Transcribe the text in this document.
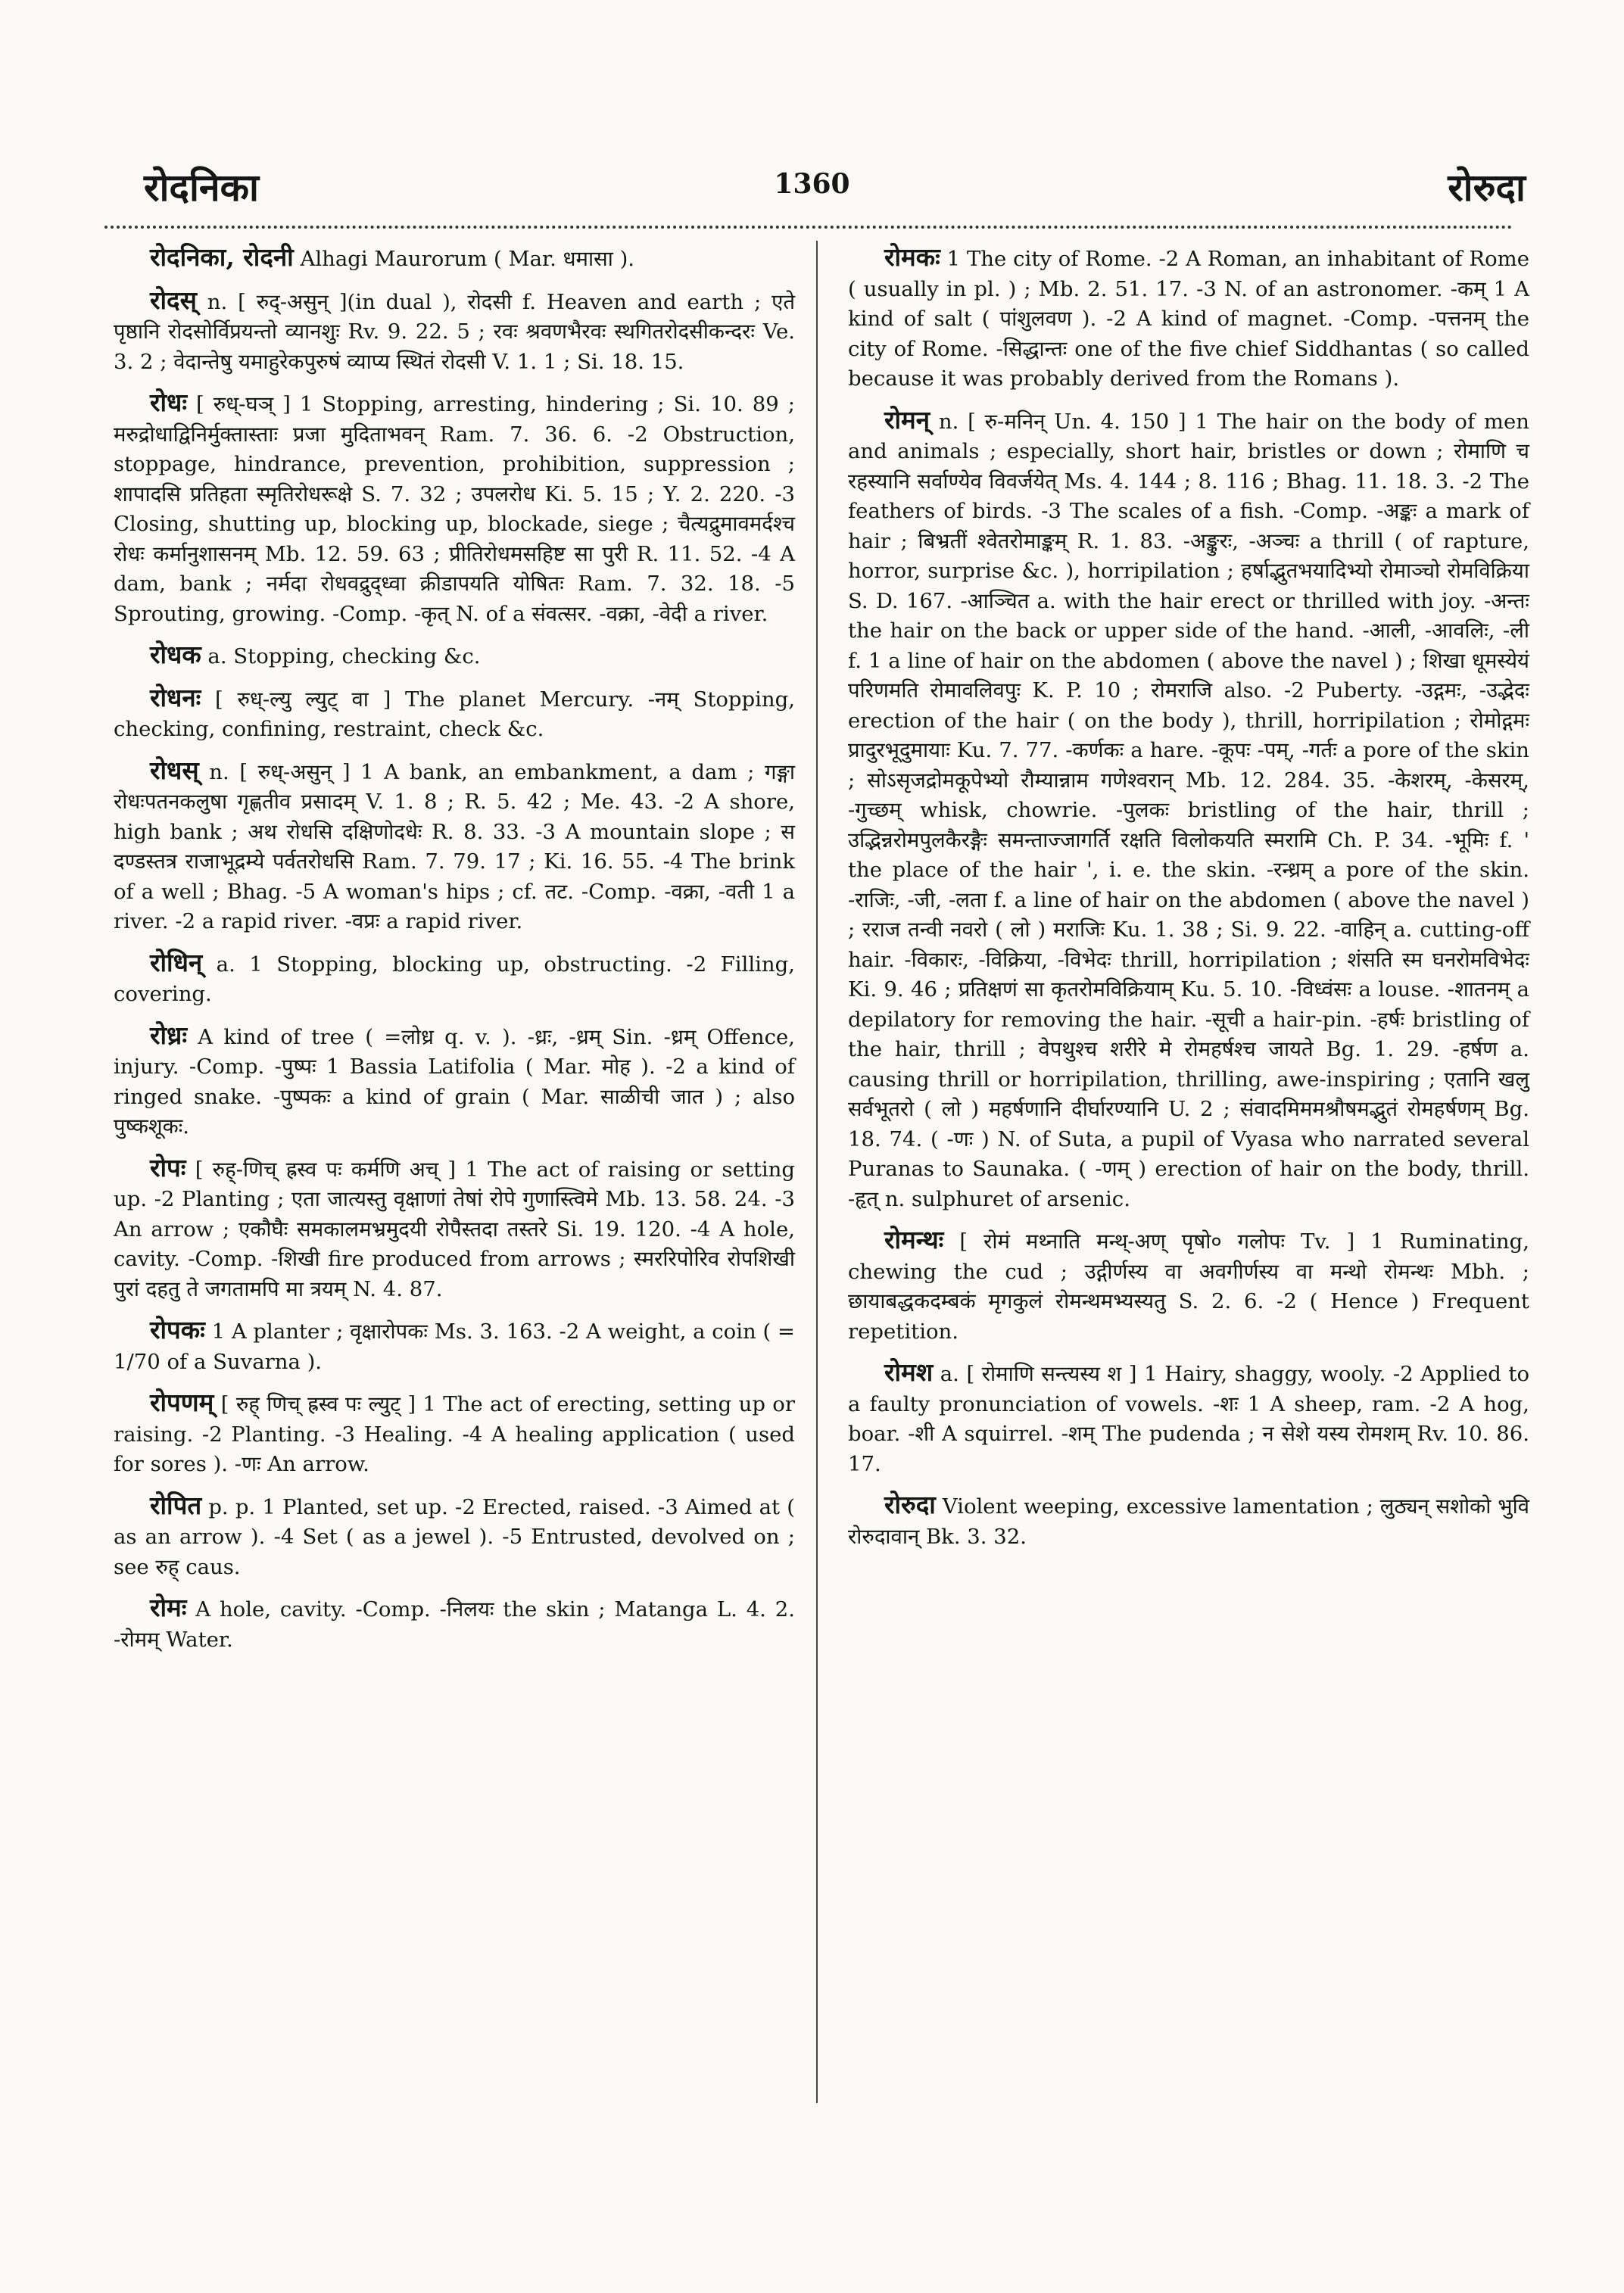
रोदनिका	1360	रोरुदा

रोदनिका, रोदनी Alhagi Maurorum ( Mar. धमासा ).

रोदस् n. [ रुद्-असुन् ](in dual ), रोदसी f. Heaven and earth ; एते पृष्ठानि रोदसोर्विप्रयन्तो व्यानशुः Rv. 9. 22. 5 ; रवः श्रवणभैरवः स्थगितरोदसीकन्दरः Ve. 3. 2 ; वेदान्तेषु यमाहुरेकपुरुषं व्याप्य स्थितं रोदसी V. 1. 1 ; Si. 18. 15.

रोधः [ रुध्-घञ् ] 1 Stopping, arresting, hindering ; Si. 10. 89 ; मरुद्रोधाद्विनिर्मुक्तास्ताः प्रजा मुदिताभवन् Ram. 7. 36. 6. -2 Obstruction, stoppage, hindrance, prevention, prohibition, suppression ; शापादसि प्रतिहता स्मृतिरोधरूक्षे S. 7. 32 ; उपलरोध Ki. 5. 15 ; Y. 2. 220. -3 Closing, shutting up, blocking up, blockade, siege ; चैत्यद्रुमावमर्दश्च रोधः कर्मानुशासनम् Mb. 12. 59. 63 ; प्रीतिरोधमसहिष्ट सा पुरी R. 11. 52. -4 A dam, bank ; नर्मदा रोधवद्रुद्ध्वा क्रीडापयति योषितः Ram. 7. 32. 18. -5 Sprouting, growing. -Comp. -कृत् N. of a संवत्सर. -वक्रा, -वेदी a river.

रोधक a. Stopping, checking &c.

रोधनः [ रुध्-ल्यु ल्युट् वा ] The planet Mercury. -नम् Stopping, checking, confining, restraint, check &c.

रोधस् n. [ रुध्-असुन् ] 1 A bank, an embankment, a dam ; गङ्गा रोधःपतनकलुषा गृह्णतीव प्रसादम् V. 1. 8 ; R. 5. 42 ; Me. 43. -2 A shore, high bank ; अथ रोधसि दक्षिणोदधेः R. 8. 33. -3 A mountain slope ; स दण्डस्तत्र राजाभूद्रम्ये पर्वतरोधसि Ram. 7. 79. 17 ; Ki. 16. 55. -4 The brink of a well ; Bhag. -5 A woman's hips ; cf. तट. -Comp. -वक्रा, -वती 1 a river. -2 a rapid river. -वप्रः a rapid river.

रोधिन् a. 1 Stopping, blocking up, obstructing. -2 Filling, covering.

रोध्रः A kind of tree ( =लोध्र q. v. ). -ध्रः, -ध्रम् Sin. -ध्रम् Offence, injury. -Comp. -पुष्पः 1 Bassia Latifolia ( Mar. मोह ). -2 a kind of ringed snake. -पुष्पकः a kind of grain ( Mar. साळीची जात ) ; also पुष्कशूकः.

रोपः [ रुह्-णिच् ह्रस्व पः कर्मणि अच् ] 1 The act of raising or setting up. -2 Planting ; एता जात्यस्तु वृक्षाणां तेषां रोपे गुणास्त्विमे Mb. 13. 58. 24. -3 An arrow ; एकौघैः समकालमभ्रमुदयी रोपैस्तदा तस्तरे Si. 19. 120. -4 A hole, cavity. -Comp. -शिखी fire produced from arrows ; स्मररिपोरिव रोपशिखी पुरां दहतु ते जगतामपि मा त्रयम् N. 4. 87.

रोपकः 1 A planter ; वृक्षारोपकः Ms. 3. 163. -2 A weight, a coin ( = 1/70 of a Suvarna ).

रोपणम् [ रुह् णिच् ह्रस्व पः ल्युट् ] 1 The act of erecting, setting up or raising. -2 Planting. -3 Healing. -4 A healing application ( used for sores ). -णः An arrow.

रोपित p. p. 1 Planted, set up. -2 Erected, raised. -3 Aimed at ( as an arrow ). -4 Set ( as a jewel ). -5 Entrusted, devolved on ; see रुह् caus.

रोमः A hole, cavity. -Comp. -निलयः the skin ; Matanga L. 4. 2. -रोमम् Water.

रोमकः 1 The city of Rome. -2 A Roman, an inhabitant of Rome ( usually in pl. ) ; Mb. 2. 51. 17. -3 N. of an astronomer. -कम् 1 A kind of salt ( पांशुलवण ). -2 A kind of magnet. -Comp. -पत्तनम् the city of Rome. -सिद्धान्तः one of the five chief Siddhantas ( so called because it was probably derived from the Romans ).

रोमन् n. [ रु-मनिन् Un. 4. 150 ] 1 The hair on the body of men and animals ; especially, short hair, bristles or down ; रोमाणि च रहस्यानि सर्वाण्येव विवर्जयेत् Ms. 4. 144 ; 8. 116 ; Bhag. 11. 18. 3. -2 The feathers of birds. -3 The scales of a fish. -Comp. -अङ्कः a mark of hair ; बिभ्रतीं श्वेतरोमाङ्कम् R. 1. 83. -अङ्कुरः, -अञ्चः a thrill ( of rapture, horror, surprise &c. ), horripilation ; हर्षाद्भुतभयादिभ्यो रोमाञ्चो रोमविक्रिया S. D. 167. -आञ्चित a. with the hair erect or thrilled with joy. -अन्तः the hair on the back or upper side of the hand. -आली, -आवलिः, -ली f. 1 a line of hair on the abdomen ( above the navel ) ; शिखा धूमस्येयं परिणमति रोमावलिवपुः K. P. 10 ; रोमराजि also. -2 Puberty. -उद्गमः, -उद्भेदः erection of the hair ( on the body ), thrill, horripilation ; रोमोद्गमः प्रादुरभूदुमायाः Ku. 7. 77. -कर्णकः a hare. -कूपः -पम्, -गर्तः a pore of the skin ; सोऽसृजद्रोमकूपेभ्यो रौम्यान्नाम गणेश्वरान् Mb. 12. 284. 35. -केशरम्, -केसरम्, -गुच्छम् whisk, chowrie. -पुलकः bristling of the hair, thrill ; उद्भिन्नरोमपुलकैरङ्गैः समन्ताज्जागर्ति रक्षति विलोकयति स्मरामि Ch. P. 34. -भूमिः f. ' the place of the hair ', i. e. the skin. -रन्ध्रम् a pore of the skin. -राजिः, -जी, -लता f. a line of hair on the abdomen ( above the navel ) ; रराज तन्वी नवरो ( लो ) मराजिः Ku. 1. 38 ; Si. 9. 22. -वाहिन् a. cutting-off hair. -विकारः, -विक्रिया, -विभेदः thrill, horripilation ; शंसति स्म घनरोमविभेदः Ki. 9. 46 ; प्रतिक्षणं सा कृतरोमविक्रियाम् Ku. 5. 10. -विध्वंसः a louse. -शातनम् a depilatory for removing the hair. -सूची a hair-pin. -हर्षः bristling of the hair, thrill ; वेपथुश्च शरीरे मे रोमहर्षश्च जायते Bg. 1. 29. -हर्षण a. causing thrill or horripilation, thrilling, awe-inspiring ; एतानि खलु सर्वभूतरो ( लो ) महर्षणानि दीर्घारण्यानि U. 2 ; संवादमिममश्रौषमद्भुतं रोमहर्षणम् Bg. 18. 74. ( -णः ) N. of Suta, a pupil of Vyasa who narrated several Puranas to Saunaka. ( -णम् ) erection of hair on the body, thrill. -हृत् n. sulphuret of arsenic.

रोमन्थः [ रोमं मथ्नाति मन्थ्-अण् पृषो० गलोपः Tv. ] 1 Ruminating, chewing the cud ; उद्गीर्णस्य वा अवगीर्णस्य वा मन्थो रोमन्थः Mbh. ; छायाबद्धकदम्बकं मृगकुलं रोमन्थमभ्यस्यतु S. 2. 6. -2 ( Hence ) Frequent repetition.

रोमश a. [ रोमाणि सन्त्यस्य श ] 1 Hairy, shaggy, wooly. -2 Applied to a faulty pronunciation of vowels. -शः 1 A sheep, ram. -2 A hog, boar. -शी A squirrel. -शम् The pudenda ; न सेशे यस्य रोमशम् Rv. 10. 86. 17.

रोरुदा Violent weeping, excessive lamentation ; लुठ्यन् सशोको भुवि रोरुदावान् Bk. 3. 32.
